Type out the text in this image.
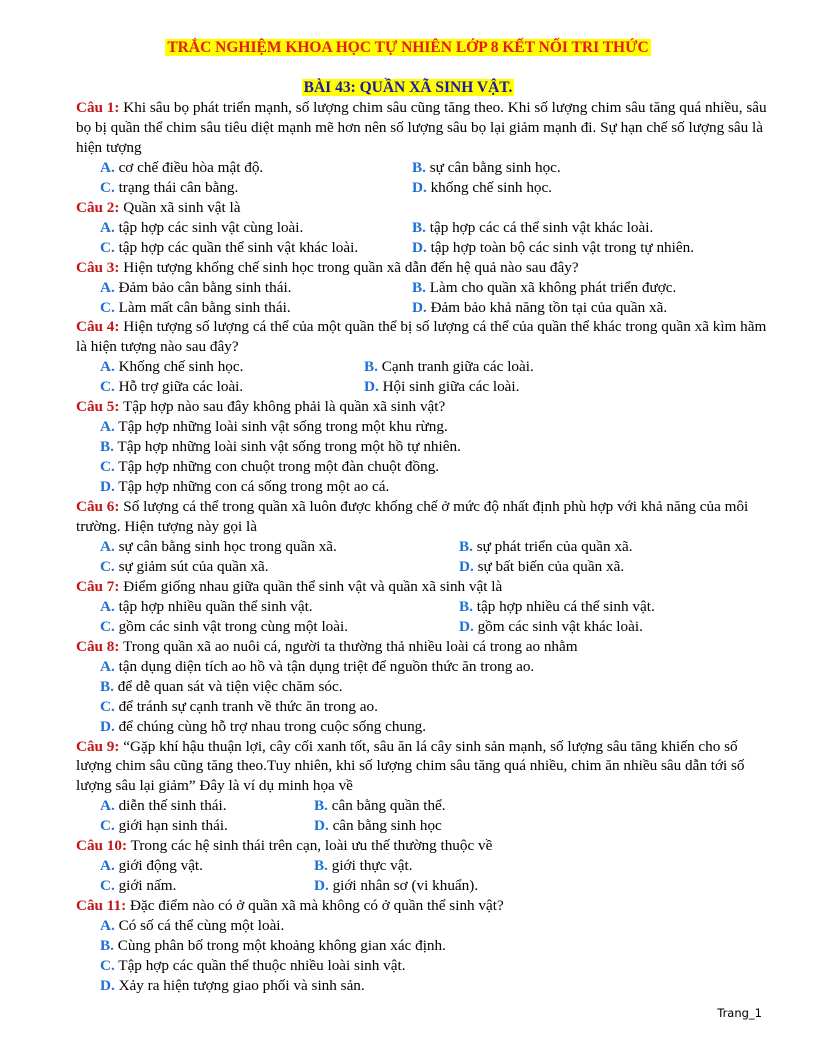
TRẮC NGHIỆM KHOA HỌC TỰ NHIÊN LỚP 8 KẾT NỐI TRI THỨC
BÀI 43: QUẦN XÃ SINH VẬT.

Câu 1: Khi sâu bọ phát triển mạnh, số lượng chim sâu cũng tăng theo. Khi số lượng chim sâu tăng quá nhiều, sâu bọ bị quần thể chim sâu tiêu diệt mạnh mẽ hơn nên số lượng sâu bọ lại giảm mạnh đi. Sự hạn chế số lượng sâu là hiện tượng

A. cơ chế điều hòa mật độ.	B. sự cân bằng sinh học.
C. trạng thái cân bằng.	D. khống chế sinh học.

Câu 2: Quần xã sinh vật là

A. tập hợp các sinh vật cùng loài.	B. tập hợp các cá thể sinh vật khác loài.
C. tập hợp các quần thể sinh vật khác loài.	D. tập hợp toàn bộ các sinh vật trong tự nhiên.

Câu 3: Hiện tượng khống chế sinh học trong quần xã dẫn đến hệ quả nào sau đây?

A. Đảm bảo cân bằng sinh thái.	B. Làm cho quần xã không phát triển được.
C. Làm mất cân bằng sinh thái.	D. Đảm bảo khả năng tồn tại của quần xã.

Câu 4: Hiện tượng số lượng cá thể của một quần thể bị số lượng cá thể của quần thể khác trong quần xã kìm hãm là hiện tượng nào sau đây?

A. Khống chế sinh học.	B. Cạnh tranh giữa các loài.
C. Hỗ trợ giữa các loài.	D. Hội sinh giữa các loài.

Câu 5: Tập hợp nào sau đây không phải là quần xã sinh vật?

A. Tập hợp những loài sinh vật sống trong một khu rừng.
B. Tập hợp những loài sinh vật sống trong một hồ tự nhiên.
C. Tập hợp những con chuột trong một đàn chuột đồng.
D. Tập hợp những con cá sống trong một ao cá.

Câu 6: Số lượng cá thể trong quần xã luôn được khống chế ở mức độ nhất định phù hợp với khả năng của môi trường. Hiện tượng này gọi là

A. sự cân bằng sinh học trong quần xã.	B. sự phát triển của quần xã.
C. sự giảm sút của quần xã.	D. sự bất biến của quần xã.

Câu 7: Điểm giống nhau giữa quần thể sinh vật và quần xã sinh vật là

A. tập hợp nhiều quần thể sinh vật.	B. tập hợp nhiều cá thể sinh vật.
C. gồm các sinh vật trong cùng một loài.	D. gồm các sinh vật khác loài.

Câu 8: Trong quần xã ao nuôi cá, người ta thường thả nhiều loài cá trong ao nhằm

A. tận dụng diện tích ao hồ và tận dụng triệt để nguồn thức ăn trong ao.
B. để dễ quan sát và tiện việc chăm sóc.
C. để tránh sự cạnh tranh về thức ăn trong ao.
D. để chúng cùng hỗ trợ nhau trong cuộc sống chung.

Câu 9: “Gặp khí hậu thuận lợi, cây cối xanh tốt, sâu ăn lá cây sinh sản mạnh, số lượng sâu tăng khiến cho số lượng chim sâu cũng tăng theo.Tuy nhiên, khi số lượng chim sâu tăng quá nhiều, chim ăn nhiều sâu dẫn tới số lượng sâu lại giảm” Đây là ví dụ minh họa về

A. diễn thế sinh thái.	B. cân bằng quần thể.
C. giới hạn sinh thái.	D. cân bằng sinh học

Câu 10: Trong các hệ sinh thái trên cạn, loài ưu thế thường thuộc về

A. giới động vật.	B. giới thực vật.
C. giới nấm.	D. giới nhân sơ (vi khuẩn).

Câu 11: Đặc điểm nào có ở quần xã mà không có ở quần thể sinh vật?

A. Có số cá thể cùng một loài.
B. Cùng phân bố trong một khoảng không gian xác định.
C. Tập hợp các quần thể thuộc nhiều loài sinh vật.
D. Xảy ra hiện tượng giao phối và sinh sản.
Trang_1
